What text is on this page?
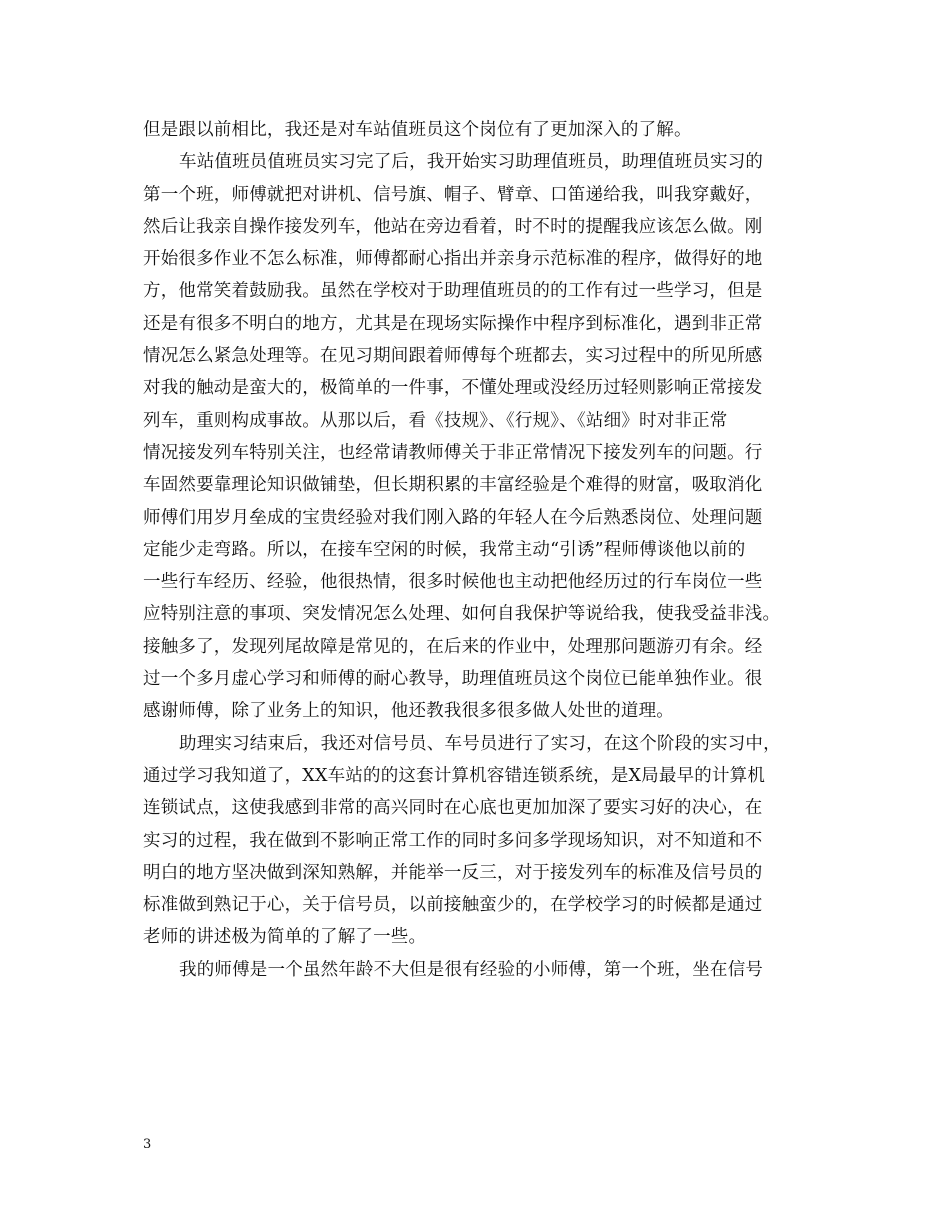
但是跟以前相比，我还是对车站值班员这个岗位有了更加深入的了解。
车站值班员值班员实习完了后，我开始实习助理值班员，助理值班员实习的
第一个班，师傅就把对讲机、信号旗、帽子、臂章、口笛递给我，叫我穿戴好，
然后让我亲自操作接发列车，他站在旁边看着，时不时的提醒我应该怎么做。刚
开始很多作业不怎么标准，师傅都耐心指出并亲身示范标准的程序，做得好的地
方，他常笑着鼓励我。虽然在学校对于助理值班员的的工作有过一些学习，但是
还是有很多不明白的地方，尤其是在现场实际操作中程序到标准化，遇到非正常
情况怎么紧急处理等。在见习期间跟着师傅每个班都去，实习过程中的所见所感
对我的触动是蛮大的，极简单的一件事，不懂处理或没经历过轻则影响正常接发
列车，重则构成事故。从那以后，看《技规》、《行规》、《站细》时对非正常
情况接发列车特别关注，也经常请教师傅关于非正常情况下接发列车的问题。行
车固然要靠理论知识做铺垫，但长期积累的丰富经验是个难得的财富，吸取消化
师傅们用岁月垒成的宝贵经验对我们刚入路的年轻人在今后熟悉岗位、处理问题
定能少走弯路。所以，在接车空闲的时候，我常主动“引诱”程师傅谈他以前的
一些行车经历、经验，他很热情，很多时候他也主动把他经历过的行车岗位一些
应特别注意的事项、突发情况怎么处理、如何自我保护等说给我，使我受益非浅。
接触多了，发现列尾故障是常见的，在后来的作业中，处理那问题游刃有余。经
过一个多月虚心学习和师傅的耐心教导，助理值班员这个岗位已能单独作业。很
感谢师傅，除了业务上的知识，他还教我很多很多做人处世的道理。
助理实习结束后，我还对信号员、车号员进行了实习，在这个阶段的实习中，
通过学习我知道了，XX车站的的这套计算机容错连锁系统，是X局最早的计算机
连锁试点，这使我感到非常的高兴同时在心底也更加加深了要实习好的决心，在
实习的过程，我在做到不影响正常工作的同时多问多学现场知识，对不知道和不
明白的地方坚决做到深知熟解，并能举一反三，对于接发列车的标准及信号员的
标准做到熟记于心，关于信号员，以前接触蛮少的，在学校学习的时候都是通过
老师的讲述极为简单的了解了一些。
我的师傅是一个虽然年龄不大但是很有经验的小师傅，第一个班，坐在信号
3
